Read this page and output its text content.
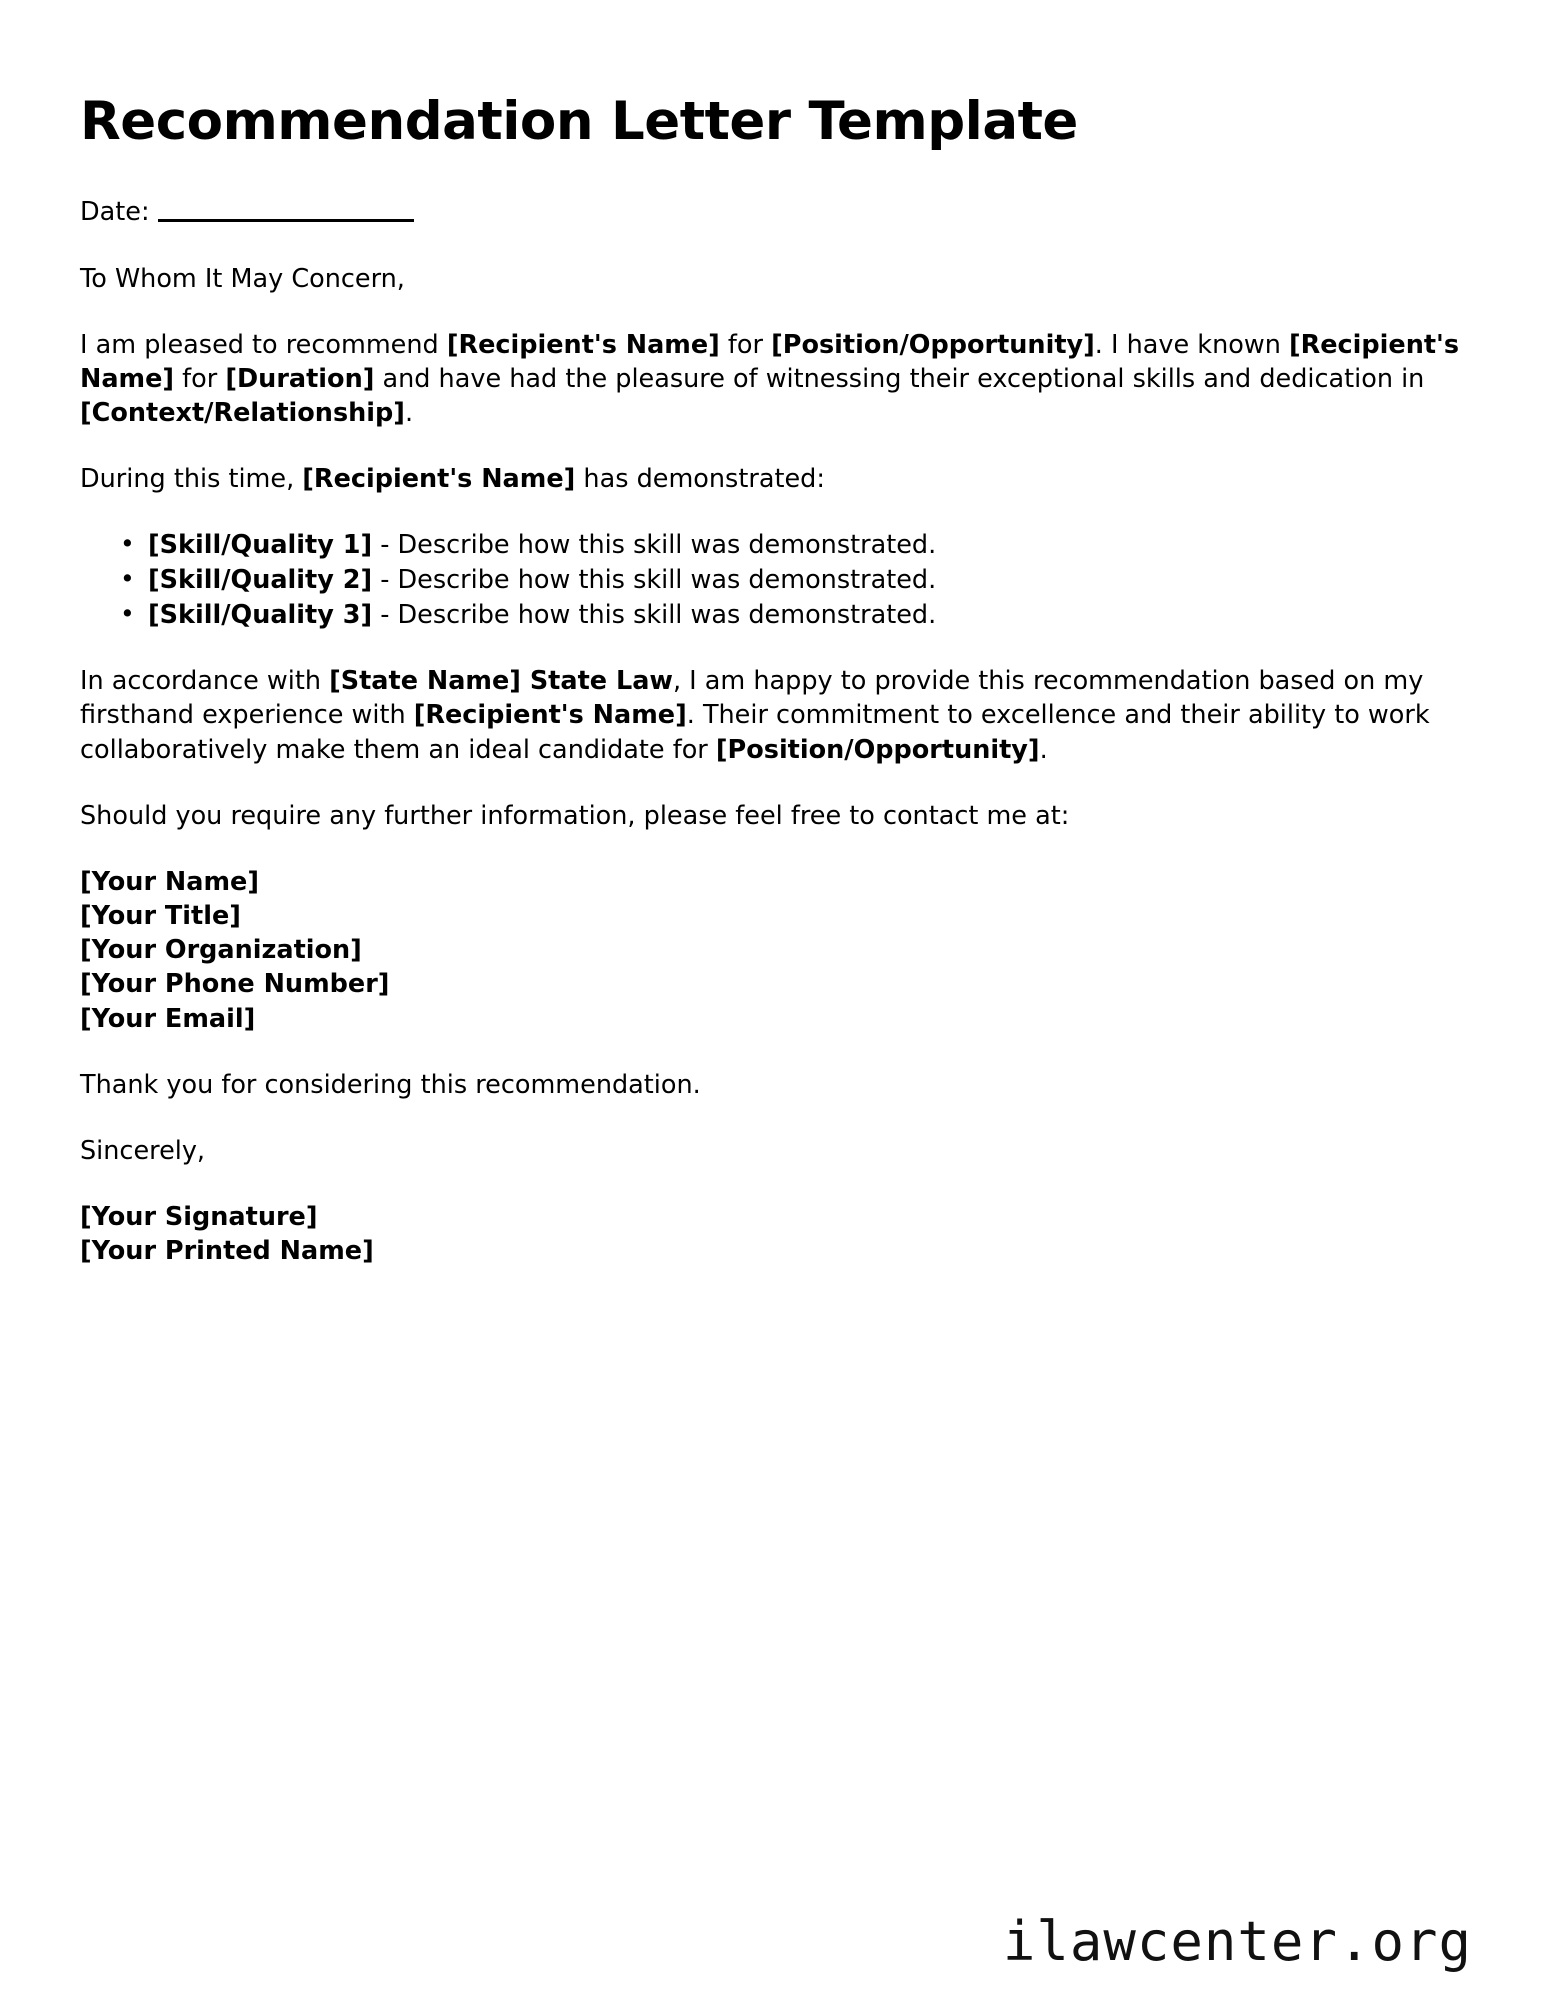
Recommendation Letter Template

Date:

To Whom It May Concern,

I am pleased to recommend [Recipient's Name] for [Position/Opportunity]. I have known [Recipient's Name] for [Duration] and have had the pleasure of witnessing their exceptional skills and dedication in [Context/Relationship].

During this time, [Recipient's Name] has demonstrated:

• [Skill/Quality 1] - Describe how this skill was demonstrated.
• [Skill/Quality 2] - Describe how this skill was demonstrated.
• [Skill/Quality 3] - Describe how this skill was demonstrated.

In accordance with [State Name] State Law, I am happy to provide this recommendation based on my firsthand experience with [Recipient's Name]. Their commitment to excellence and their ability to work collaboratively make them an ideal candidate for [Position/Opportunity].

Should you require any further information, please feel free to contact me at:

[Your Name]
[Your Title]
[Your Organization]
[Your Phone Number]
[Your Email]

Thank you for considering this recommendation.

Sincerely,

[Your Signature]
[Your Printed Name]
ilawcenter.org
